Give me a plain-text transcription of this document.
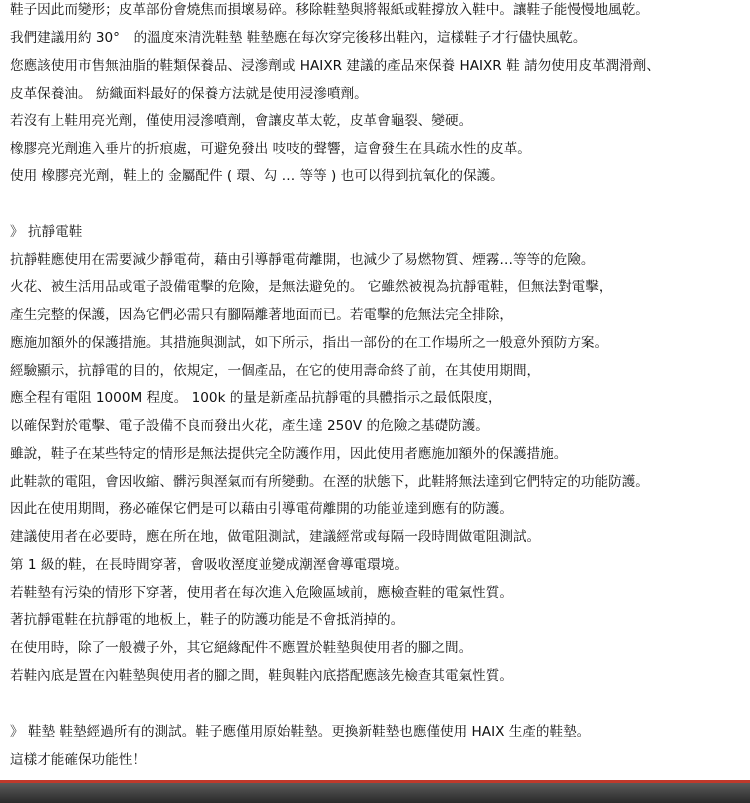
鞋子因此而變形；皮革部份會燒焦而損壞易碎。移除鞋墊與將報紙或鞋撐放入鞋中。讓鞋子能慢慢地風乾。
我們建議用約 30°　的溫度來清洗鞋墊 鞋墊應在每次穿完後移出鞋內，這樣鞋子才行儘快風乾。
您應該使用市售無油脂的鞋類保養品、浸滲劑或 HAIXR 建議的產品來保養 HAIXR 鞋 請勿使用皮革潤滑劑、
皮革保養油。 紡織面料最好的保養方法就是使用浸滲噴劑。
若沒有上鞋用亮光劑，僅使用浸滲噴劑，會讓皮革太乾，皮革會龜裂、變硬。
橡膠亮光劑進入垂片的折痕處，可避免發出 吱吱的聲響，這會發生在具疏水性的皮革。
使用 橡膠亮光劑，鞋上的 金屬配件 ( 環、勾 … 等等 ) 也可以得到抗氧化的保護。
》 抗靜電鞋
抗靜鞋應使用在需要減少靜電荷，藉由引導靜電荷離開，也減少了易燃物質、煙霧…等等的危險。
火花、被生活用品或電子設備電擊的危險，是無法避免的。 它雖然被視為抗靜電鞋，但無法對電擊，
產生完整的保護，因為它們必需只有腳隔離著地面而已。若電擊的危無法完全排除，
應施加額外的保護措施。其措施與測試，如下所示，指出一部份的在工作場所之一般意外預防方案。
經驗顯示，抗靜電的目的，依規定，一個產品，在它的使用壽命終了前，在其使用期間，
應全程有電阻 1000M 程度。 100k 的量是新產品抗靜電的具體指示之最低限度，
以確保對於電擊、電子設備不良而發出火花，產生達 250V 的危險之基礎防護。
雖說，鞋子在某些特定的情形是無法提供完全防護作用，因此使用者應施加額外的保護措施。
此鞋款的電阻，會因收縮、髒污與溼氣而有所變動。在溼的狀態下，此鞋將無法達到它們特定的功能防護。
因此在使用期間，務必確保它們是可以藉由引導電荷離開的功能並達到應有的防護。
建議使用者在必要時，應在所在地，做電阻測試，建議經常或每隔一段時間做電阻測試。
第 1 級的鞋，在長時間穿著，會吸收溼度並變成潮溼會導電環境。
若鞋墊有污染的情形下穿著，使用者在每次進入危險區域前，應檢查鞋的電氣性質。
著抗靜電鞋在抗靜電的地板上，鞋子的防護功能是不會抵消掉的。
在使用時，除了一般襪子外，其它絕緣配件不應置於鞋墊與使用者的腳之間。
若鞋內底是置在內鞋墊與使用者的腳之間，鞋與鞋內底搭配應該先檢查其電氣性質。
》 鞋墊 鞋墊經過所有的測試。鞋子應僅用原始鞋墊。更換新鞋墊也應僅使用 HAIX 生產的鞋墊。
這樣才能確保功能性！
